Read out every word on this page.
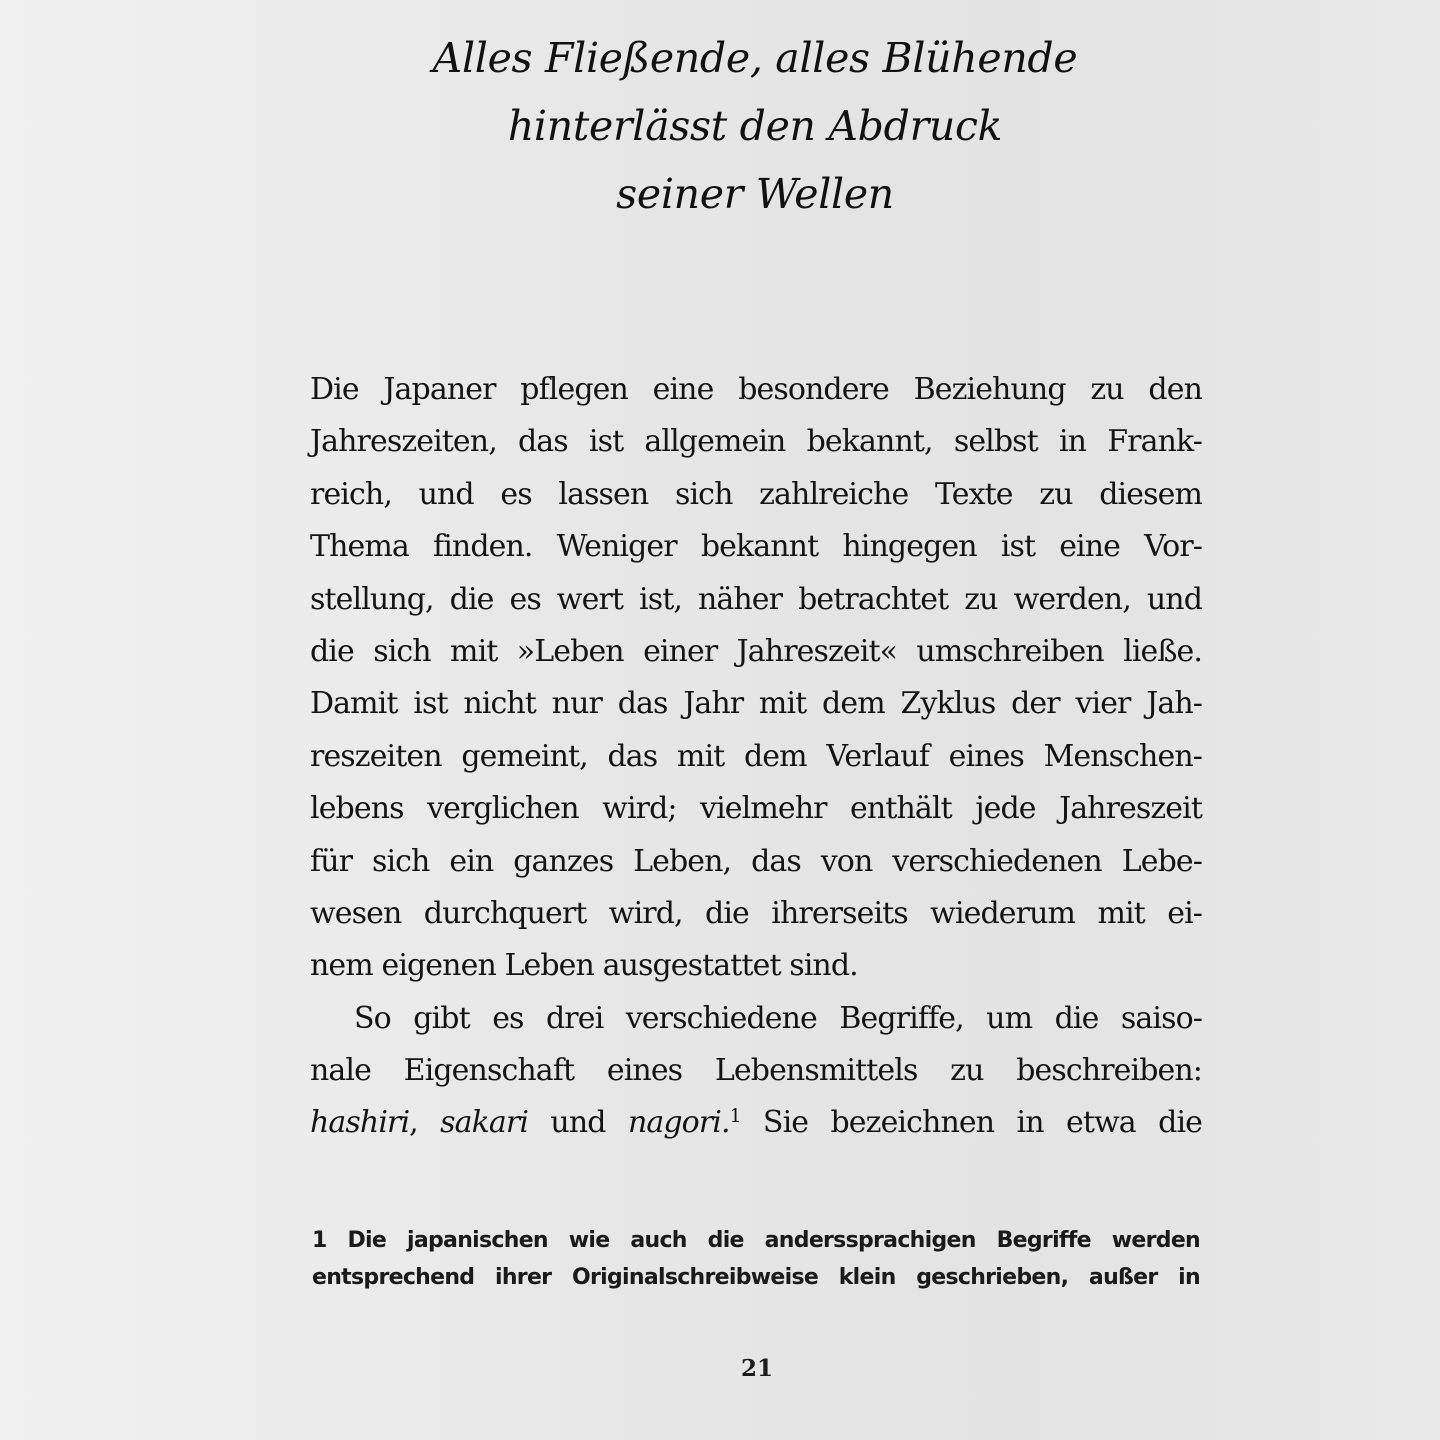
Alles Fließende, alles Blühende
hinterlässt den Abdruck
seiner Wellen
Die Japaner pflegen eine besondere Beziehung zu den
Jahreszeiten, das ist allgemein bekannt, selbst in Frank-
reich, und es lassen sich zahlreiche Texte zu diesem
Thema finden. Weniger bekannt hingegen ist eine Vor-
stellung, die es wert ist, näher betrachtet zu werden, und
die sich mit »Leben einer Jahreszeit« umschreiben ließe.
Damit ist nicht nur das Jahr mit dem Zyklus der vier Jah-
reszeiten gemeint, das mit dem Verlauf eines Menschen-
lebens verglichen wird; vielmehr enthält jede Jahreszeit
für sich ein ganzes Leben, das von verschiedenen Lebe-
wesen durchquert wird, die ihrerseits wiederum mit ei-
nem eigenen Leben ausgestattet sind.
So gibt es drei verschiedene Begriffe, um die saiso-
nale Eigenschaft eines Lebensmittels zu beschreiben:
hashiri, sakari und nagori.$^1$ Sie bezeichnen in etwa die
1 Die japanischen wie auch die anderssprachigen Begriffe werden
entsprechend ihrer Originalschreibweise klein geschrieben, außer in
21
